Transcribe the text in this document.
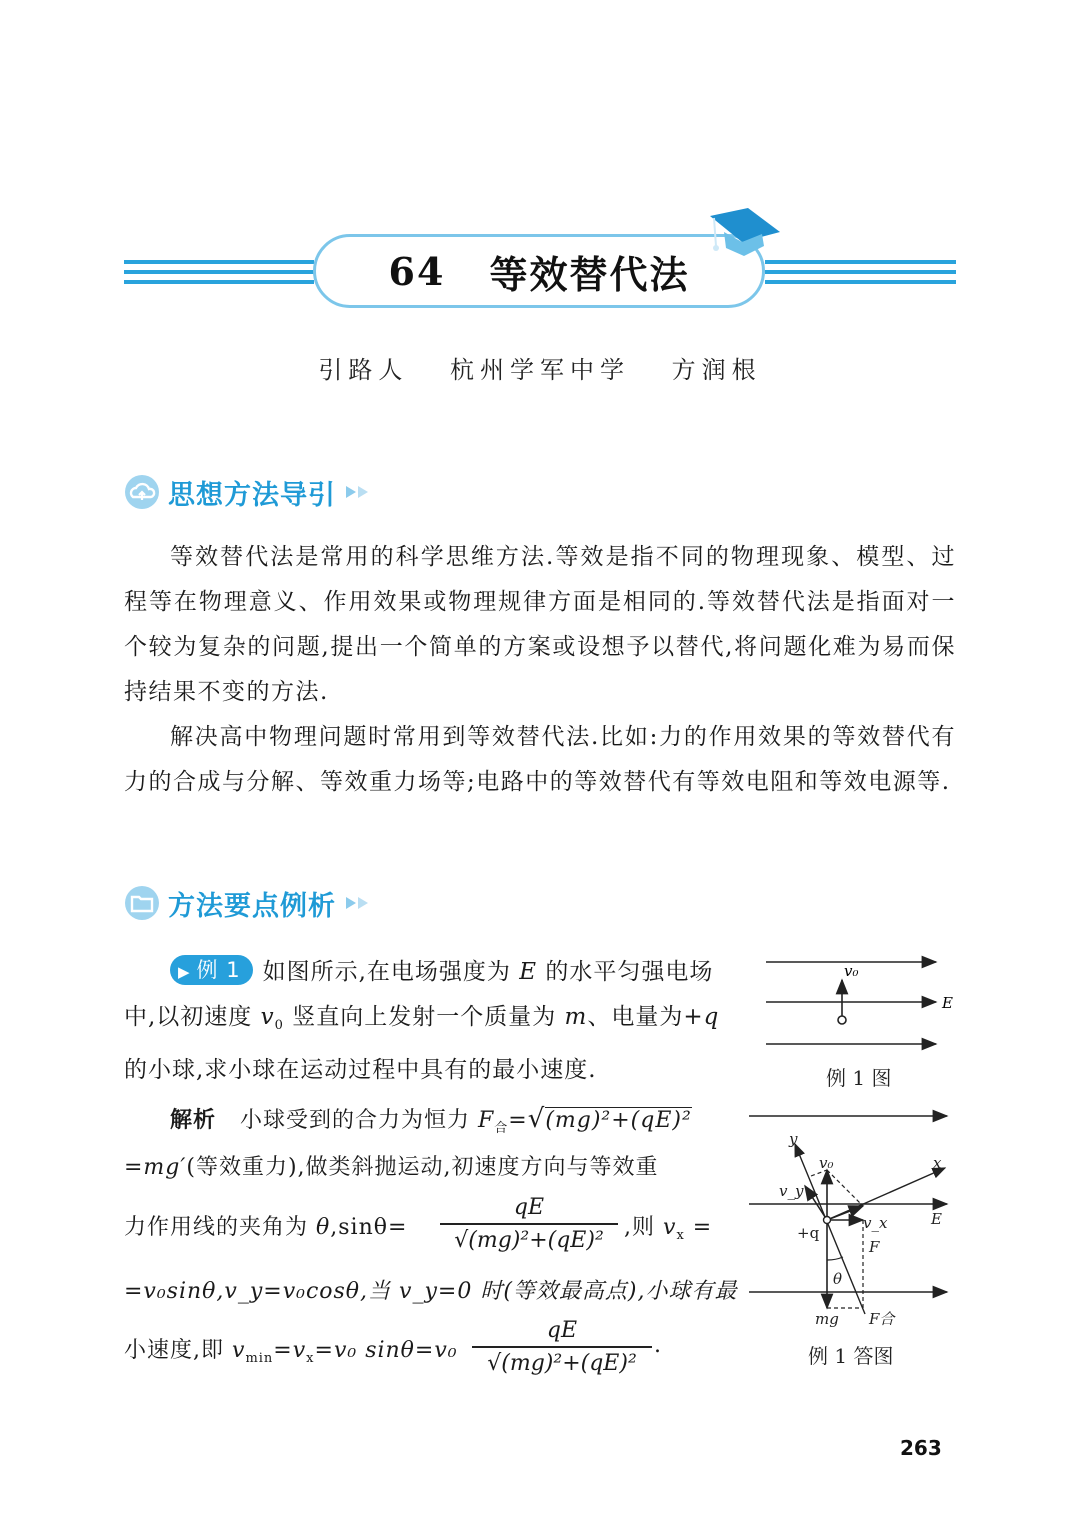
64 等效替代法
引路人 杭州学军中学 方润根
思想方法导引

等效替代法是常用的科学思维方法.等效是指不同的物理现象、模型、过程等在物理意义、作用效果或物理规律方面是相同的.等效替代法是指面对一个较为复杂的问题,提出一个简单的方案或设想予以替代,将问题化难为易而保持结果不变的方法.

解决高中物理问题时常用到等效替代法.比如:力的作用效果的等效替代有力的合成与分解、等效重力场等;电路中的等效替代有等效电阻和等效电源等.

方法要点例析
▶ 例 1 如图所示,在电场强度为 E 的水平匀强电场中,以初速度 $v_0$ 竖直向上发射一个质量为 m、电量为+q 的小球,求小球在运动过程中具有的最小速度.
v₀
E
例 1 图
解析 小球受到的合力为恒力 $F_合=√(mg)^2+(qE)^2$
=mg′(等效重力),做类斜抛运动,初速度方向与等效重
力作用线的夹角为 θ,sinθ=
qE
√(mg)²+(qE)² ,则 $v_x$ =
=v₀sinθ,v_y=v₀cosθ,当 v_y=0 时(等效最高点),小球有最
小速度,即 $v_{min}=v_x=v_0$ sinθ=v₀
qE
√(mg)²+(qE)²
.
y
x
v₀
v_y
v_x	E
+q
F
θ
mg F合
例 1 答图
263
